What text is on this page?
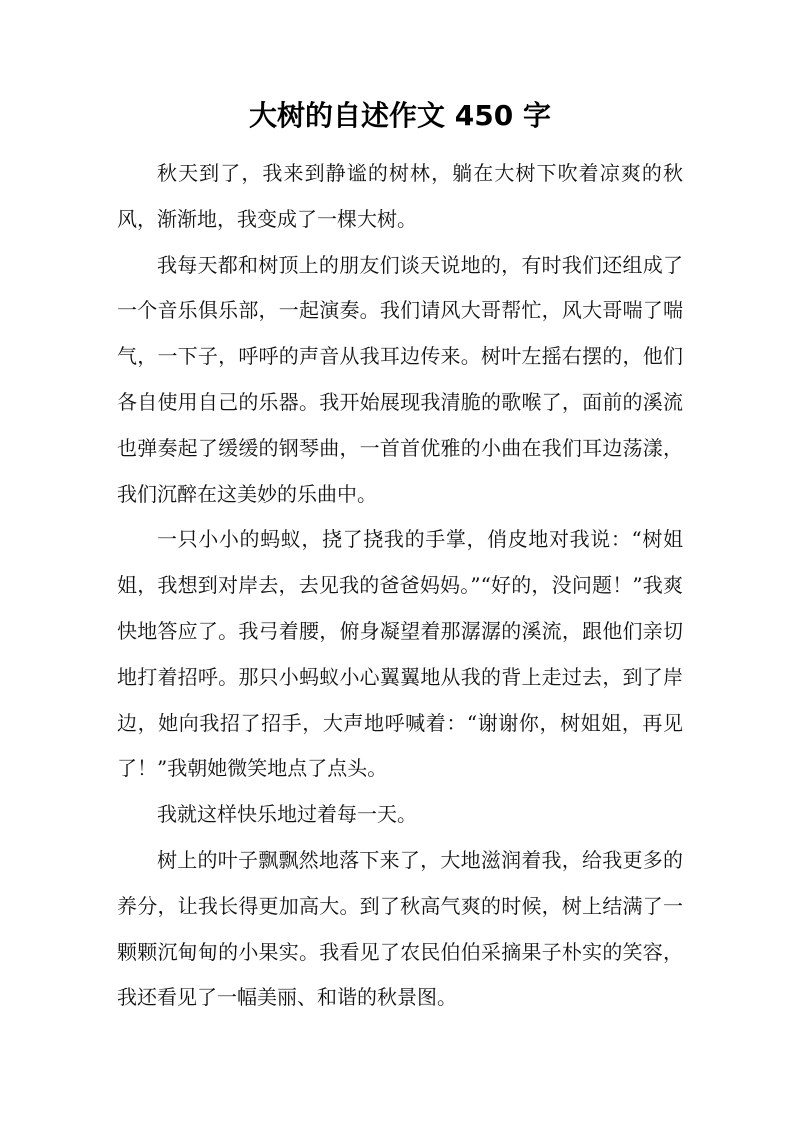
大树的自述作文 450 字

秋天到了，我来到静谧的树林，躺在大树下吹着凉爽的秋风，渐渐地，我变成了一棵大树。

我每天都和树顶上的朋友们谈天说地的，有时我们还组成了一个音乐俱乐部，一起演奏。我们请风大哥帮忙，风大哥喘了喘气，一下子，呼呼的声音从我耳边传来。树叶左摇右摆的，他们各自使用自己的乐器。我开始展现我清脆的歌喉了，面前的溪流也弹奏起了缓缓的钢琴曲，一首首优雅的小曲在我们耳边荡漾，我们沉醉在这美妙的乐曲中。

一只小小的蚂蚁，挠了挠我的手掌，俏皮地对我说：“树姐姐，我想到对岸去，去见我的爸爸妈妈。”“好的，没问题！”我爽快地答应了。我弓着腰，俯身凝望着那潺潺的溪流，跟他们亲切地打着招呼。那只小蚂蚁小心翼翼地从我的背上走过去，到了岸边，她向我招了招手，大声地呼喊着：“谢谢你，树姐姐，再见了！”我朝她微笑地点了点头。

我就这样快乐地过着每一天。

树上的叶子飘飘然地落下来了，大地滋润着我，给我更多的养分，让我长得更加高大。到了秋高气爽的时候，树上结满了一颗颗沉甸甸的小果实。我看见了农民伯伯采摘果子朴实的笑容，我还看见了一幅美丽、和谐的秋景图。
